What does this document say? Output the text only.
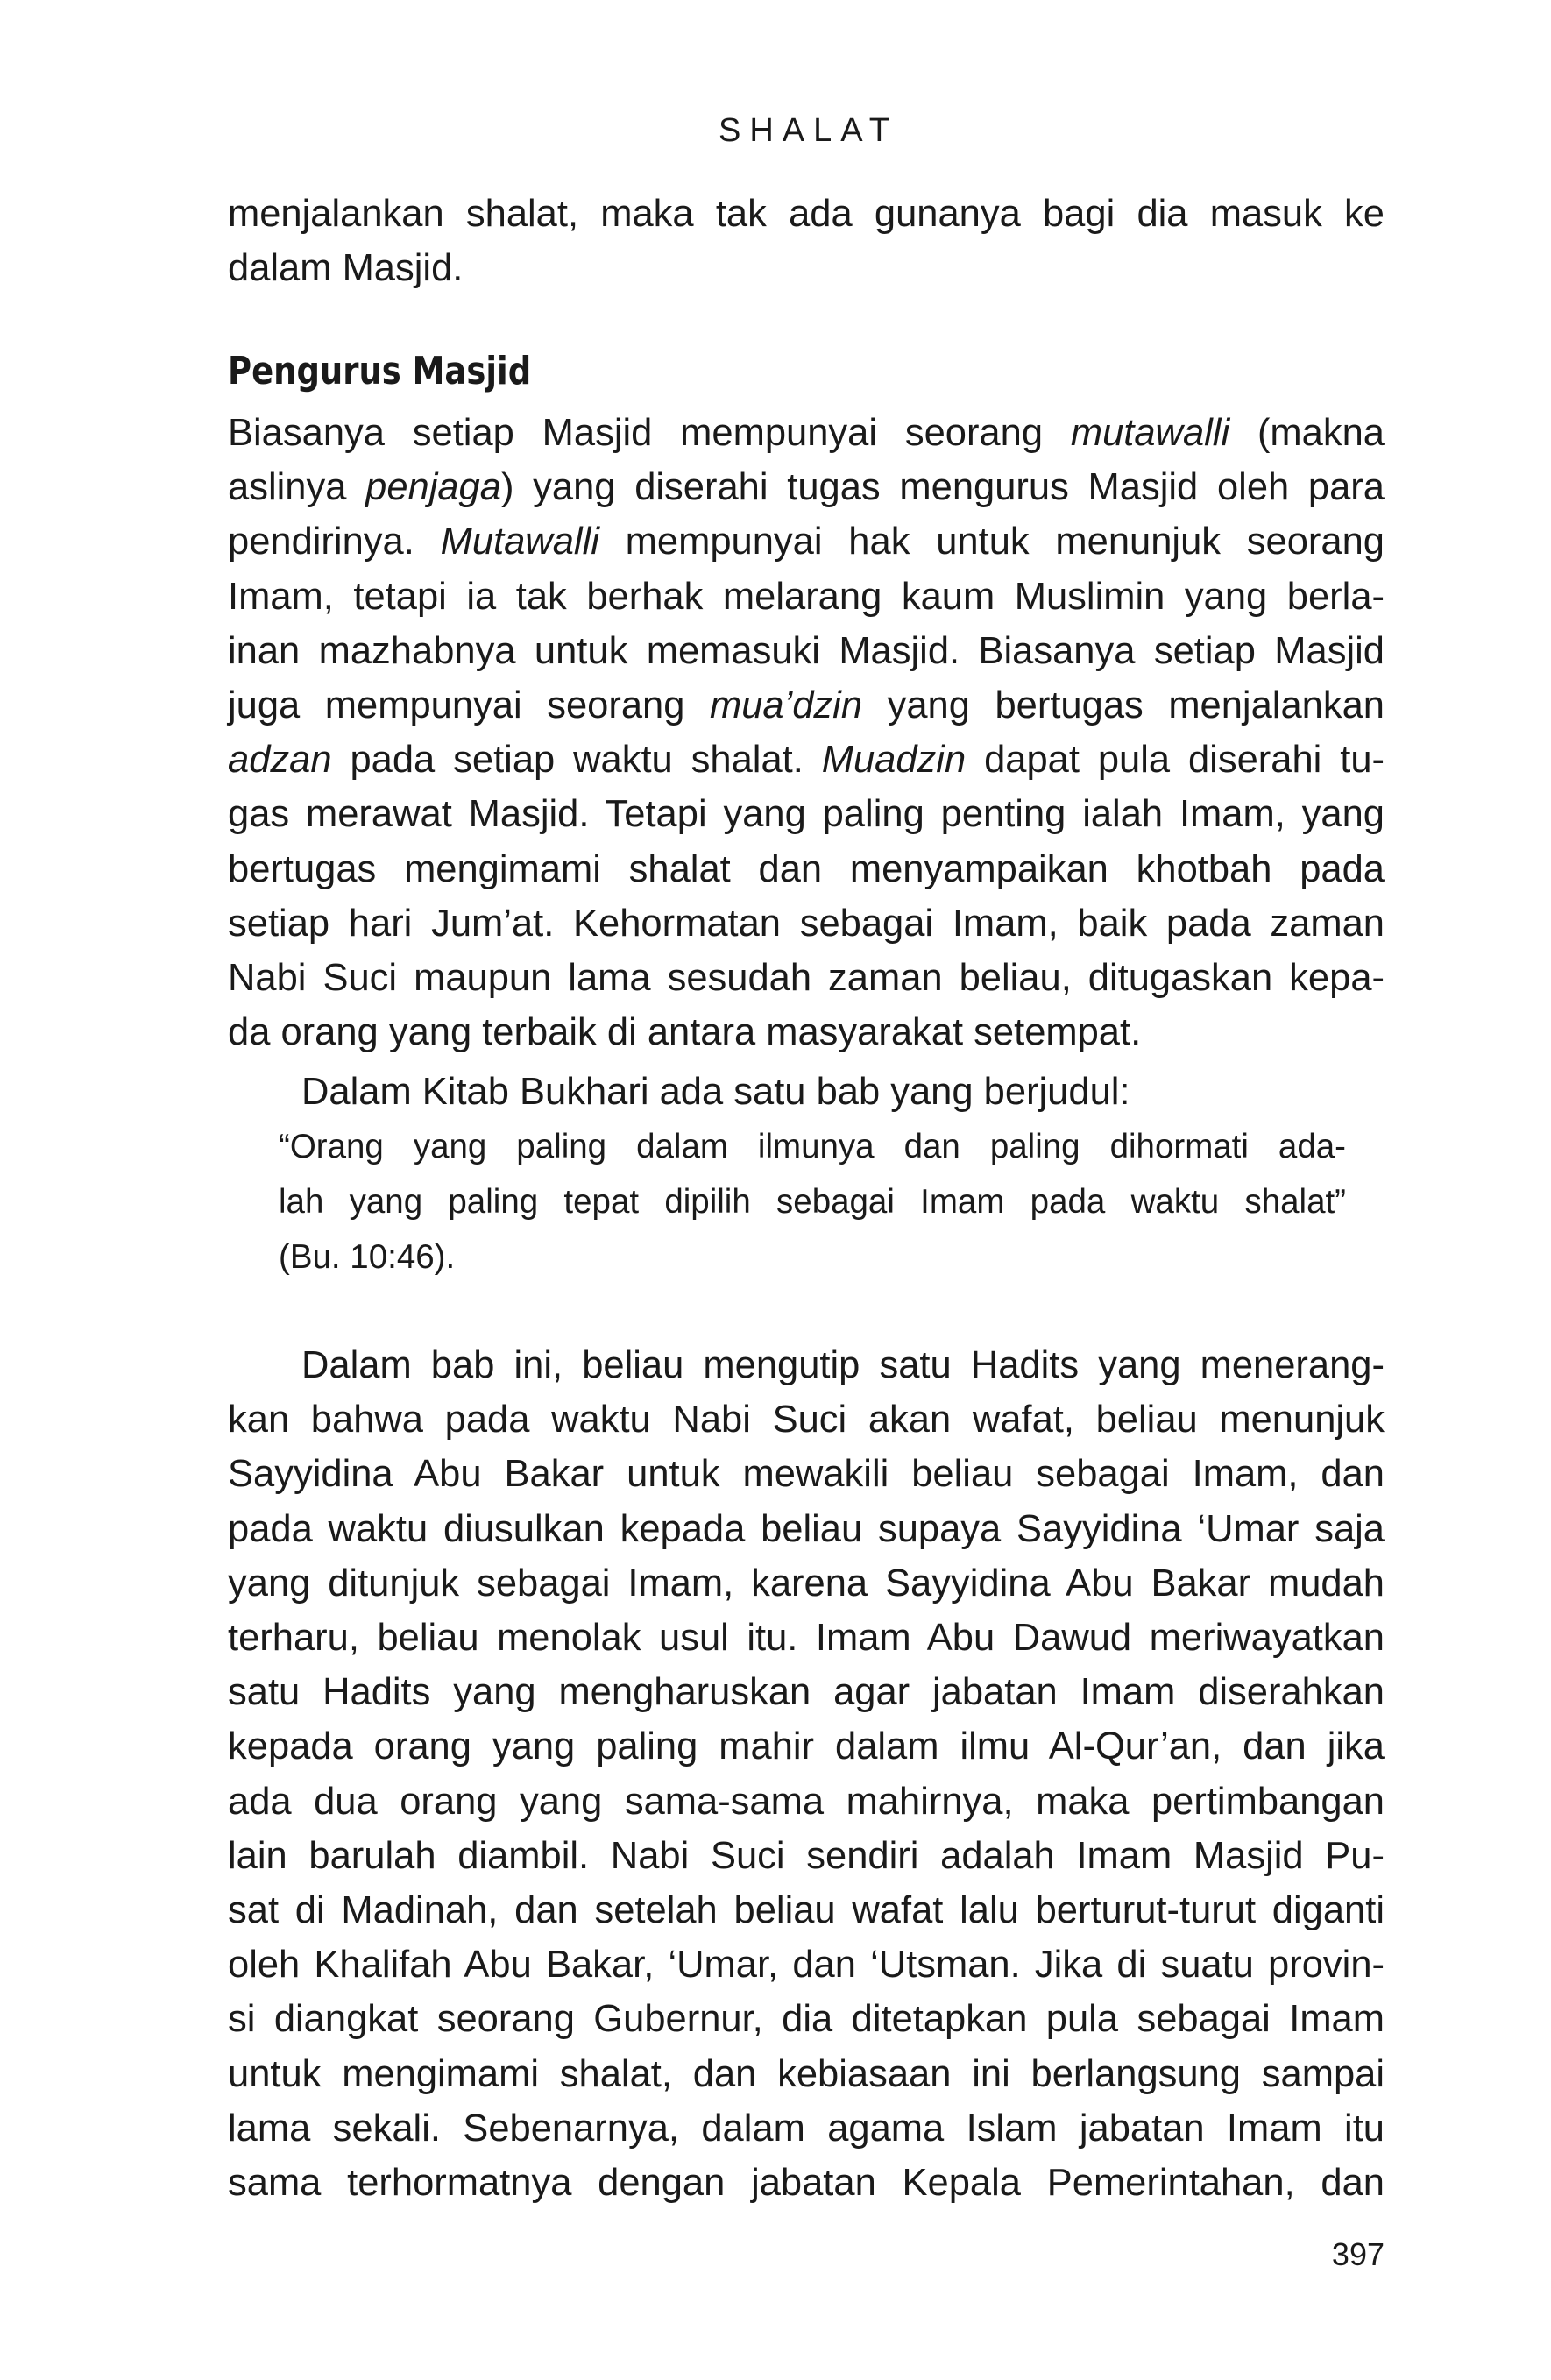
SHALAT
menjalankan shalat, maka tak ada gunanya bagi dia masuk ke
dalam Masjid.
Pengurus Masjid
Biasanya setiap Masjid mempunyai seorang mutawalli (makna
aslinya penjaga) yang diserahi tugas mengurus Masjid oleh para
pendirinya. Mutawalli mempunyai hak untuk menunjuk seorang
Imam, tetapi ia tak berhak melarang kaum Muslimin yang berla-
inan mazhabnya untuk memasuki Masjid. Biasanya setiap Masjid
juga mempunyai seorang mua’dzin yang bertugas menjalankan
adzan pada setiap waktu shalat. Muadzin dapat pula diserahi tu-
gas merawat Masjid. Tetapi yang paling penting ialah Imam, yang
bertugas mengimami shalat dan menyampaikan khotbah pada
setiap hari Jum’at. Kehormatan sebagai Imam, baik pada zaman
Nabi Suci maupun lama sesudah zaman beliau, ditugaskan kepa-
da orang yang terbaik di antara masyarakat setempat.
Dalam Kitab Bukhari ada satu bab yang berjudul:
“Orang yang paling dalam ilmunya dan paling dihormati ada-
lah yang paling tepat dipilih sebagai Imam pada waktu shalat”
(Bu. 10:46).
Dalam bab ini, beliau mengutip satu Hadits yang menerang-
kan bahwa pada waktu Nabi Suci akan wafat, beliau menunjuk
Sayyidina Abu Bakar untuk mewakili beliau sebagai Imam, dan
pada waktu diusulkan kepada beliau supaya Sayyidina ‘Umar saja
yang ditunjuk sebagai Imam, karena Sayyidina Abu Bakar mudah
terharu, beliau menolak usul itu. Imam Abu Dawud meriwayatkan
satu Hadits yang mengharuskan agar jabatan Imam diserahkan
kepada orang yang paling mahir dalam ilmu Al-Qur’an, dan jika
ada dua orang yang sama-sama mahirnya, maka pertimbangan
lain barulah diambil. Nabi Suci sendiri adalah Imam Masjid Pu-
sat di Madinah, dan setelah beliau wafat lalu berturut-turut diganti
oleh Khalifah Abu Bakar, ‘Umar, dan ‘Utsman. Jika di suatu provin-
si diangkat seorang Gubernur, dia ditetapkan pula sebagai Imam
untuk mengimami shalat, dan kebiasaan ini berlangsung sampai
lama sekali. Sebenarnya, dalam agama Islam jabatan Imam itu
sama terhormatnya dengan jabatan Kepala Pemerintahan, dan
397
